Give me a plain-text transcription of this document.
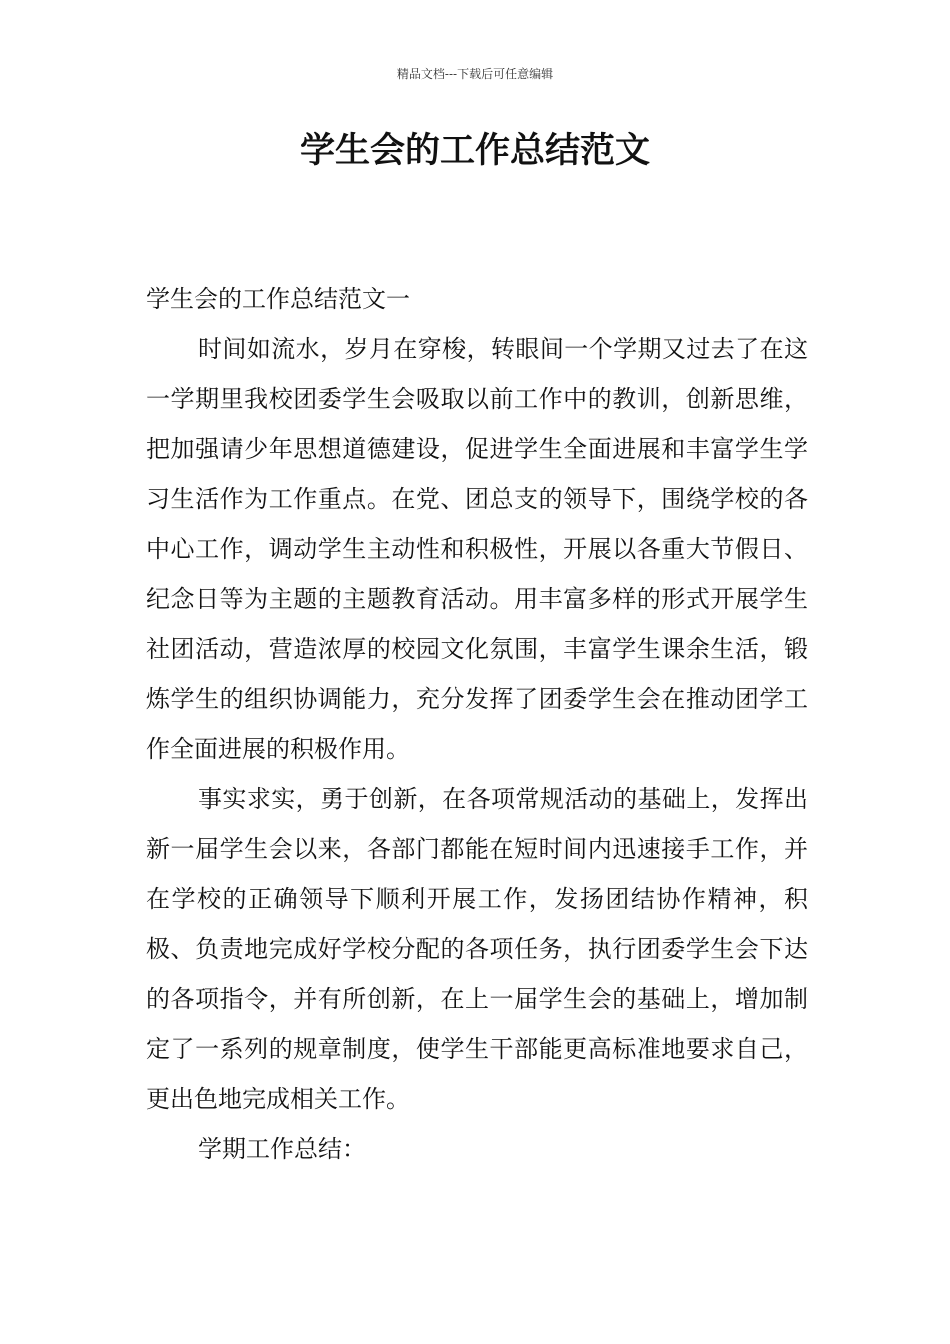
精品文档---下载后可任意编辑
学生会的工作总结范文

学生会的工作总结范文一

时间如流水，岁月在穿梭，转眼间一个学期又过去了在这一学期里我校团委学生会吸取以前工作中的教训，创新思维，把加强请少年思想道德建设，促进学生全面进展和丰富学生学习生活作为工作重点。在党、团总支的领导下，围绕学校的各中心工作，调动学生主动性和积极性，开展以各重大节假日、纪念日等为主题的主题教育活动。用丰富多样的形式开展学生社团活动，营造浓厚的校园文化氛围，丰富学生课余生活，锻炼学生的组织协调能力，充分发挥了团委学生会在推动团学工作全面进展的积极作用。

事实求实，勇于创新，在各项常规活动的基础上，发挥出新一届学生会以来，各部门都能在短时间内迅速接手工作，并在学校的正确领导下顺利开展工作，发扬团结协作精神，积极、负责地完成好学校分配的各项任务，执行团委学生会下达的各项指令，并有所创新，在上一届学生会的基础上，增加制定了一系列的规章制度，使学生干部能更高标准地要求自己，更出色地完成相关工作。

学期工作总结：
